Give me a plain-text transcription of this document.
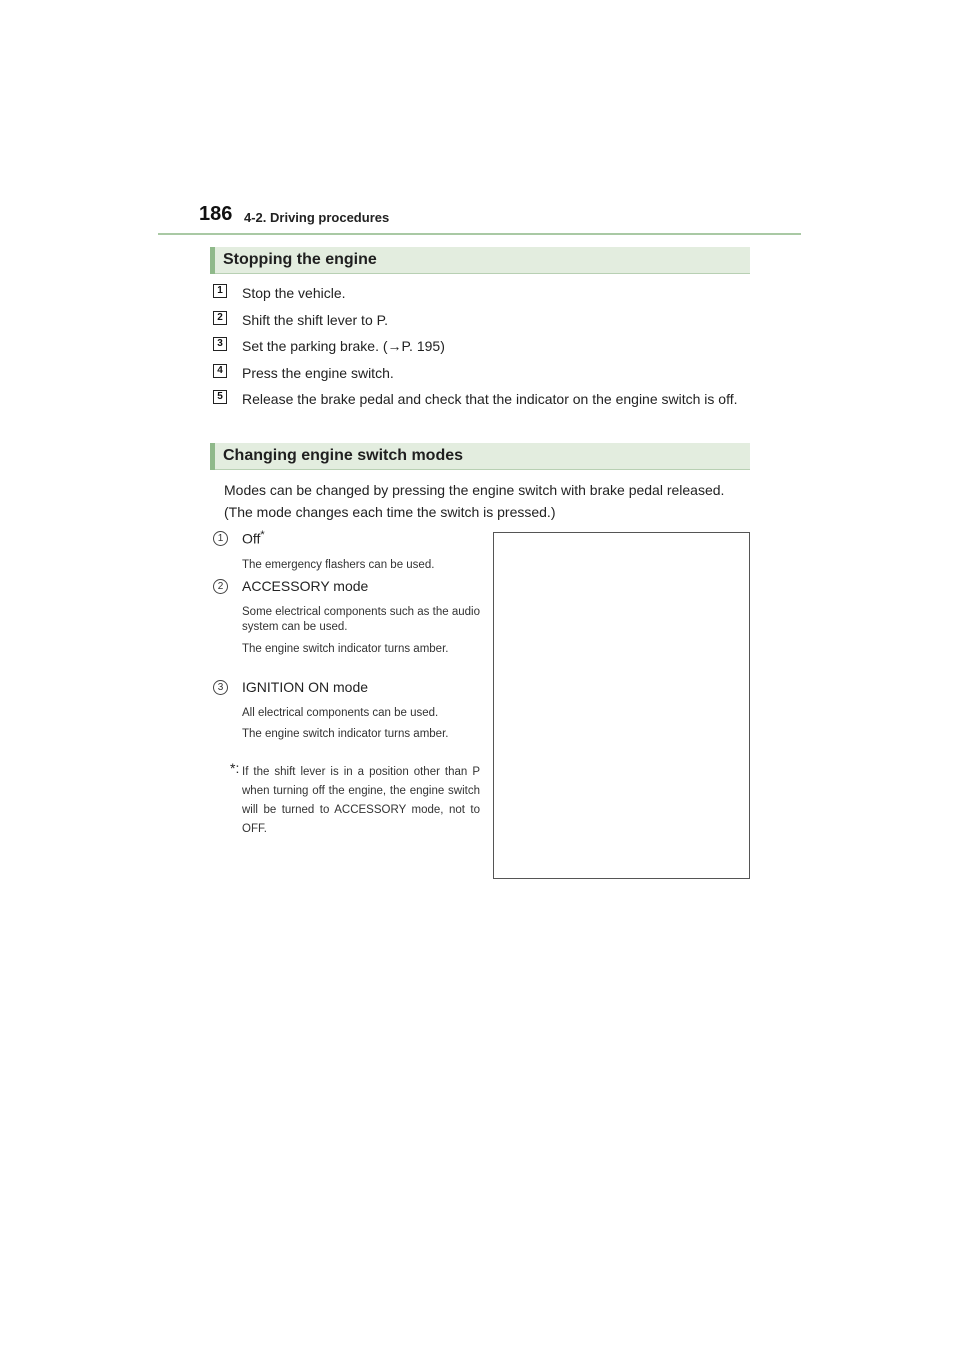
186 4-2. Driving procedures
Stopping the engine
1	Stop the vehicle.
2	Shift the shift lever to P.
3	Set the parking brake. (→P. 195)
4	Press the engine switch.
5	Release the brake pedal and check that the indicator on the engine switch is off.
Changing engine switch modes
Modes can be changed by pressing the engine switch with brake pedal released. (The mode changes each time the switch is pressed.)
1	Off*
The emergency flashers can be used.
2	ACCESSORY mode
Some electrical components such as the audio system can be used.
The engine switch indicator turns amber.
3	IGNITION ON mode
All electrical components can be used.
The engine switch indicator turns amber.
*: If the shift lever is in a position other than P when turning off the engine, the engine switch will be turned to ACCESSORY mode, not to OFF.
